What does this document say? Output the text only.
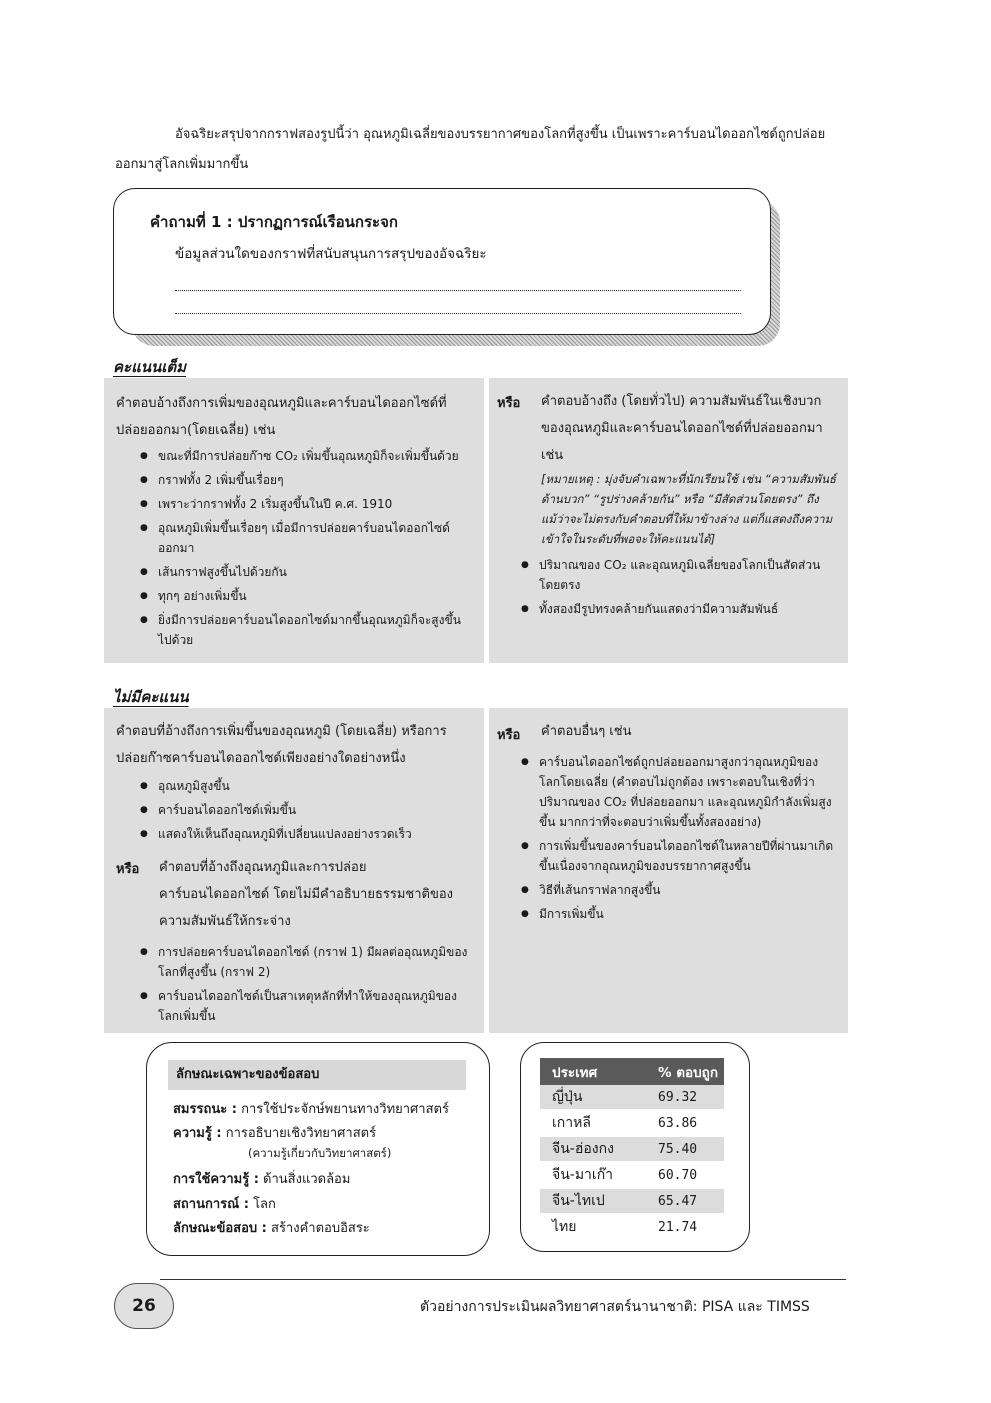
อัจฉริยะสรุปจากกราฟสองรูปนี้ว่า อุณหภูมิเฉลี่ยของบรรยากาศของโลกที่สูงขึ้น เป็นเพราะคาร์บอนไดออกไซด์ถูกปล่อยออกมาสู่โลกเพิ่มมากขึ้น
คำถามที่ 1 : ปรากฏการณ์เรือนกระจก
ข้อมูลส่วนใดของกราฟที่สนับสนุนการสรุปของอัจฉริยะ
คะแนนเต็ม
คำตอบอ้างถึงการเพิ่มของอุณหภูมิและคาร์บอนไดออกไซด์ที่
ปล่อยออกมา(โดยเฉลี่ย) เช่น
● ขณะที่มีการปล่อยก๊าซ CO₂ เพิ่มขึ้นอุณหภูมิก็จะเพิ่มขึ้นด้วย
● กราฟทั้ง 2 เพิ่มขึ้นเรื่อยๆ
● เพราะว่ากราฟทั้ง 2 เริ่มสูงขึ้นในปี ค.ศ. 1910
● อุณหภูมิเพิ่มขึ้นเรื่อยๆ เมื่อมีการปล่อยคาร์บอนไดออกไซด์ออกมา
● เส้นกราฟสูงขึ้นไปด้วยกัน
● ทุกๆ อย่างเพิ่มขึ้น
● ยิ่งมีการปล่อยคาร์บอนไดออกไซด์มากขึ้นอุณหภูมิก็จะสูงขึ้นไปด้วย
หรือ คำตอบอ้างถึง (โดยทั่วไป) ความสัมพันธ์ในเชิงบวก
ของอุณหภูมิและคาร์บอนไดออกไซด์ที่ปล่อยออกมา
เช่น
[หมายเหตุ : มุ่งจับคำเฉพาะที่นักเรียนใช้ เช่น “ความสัมพันธ์ด้านบวก” “รูปร่างคล้ายกัน” หรือ “มีสัดส่วนโดยตรง” ถึงแม้ว่าจะไม่ตรงกับคำตอบที่ให้มาข้างล่าง แต่ก็แสดงถึงความเข้าใจในระดับที่พอจะให้คะแนนได้]
● ปริมาณของ CO₂ และอุณหภูมิเฉลี่ยของโลกเป็นสัดส่วนโดยตรง
● ทั้งสองมีรูปทรงคล้ายกันแสดงว่ามีความสัมพันธ์
ไม่มีคะแนน
คำตอบที่อ้างถึงการเพิ่มขึ้นของอุณหภูมิ (โดยเฉลี่ย) หรือการ
ปล่อยก๊าซคาร์บอนไดออกไซด์เพียงอย่างใดอย่างหนึ่ง
● อุณหภูมิสูงขึ้น
● คาร์บอนไดออกไซด์เพิ่มขึ้น
● แสดงให้เห็นถึงอุณหภูมิที่เปลี่ยนแปลงอย่างรวดเร็ว
หรือ คำตอบที่อ้างถึงอุณหภูมิและการปล่อย
คาร์บอนไดออกไซด์ โดยไม่มีคำอธิบายธรรมชาติของ
ความสัมพันธ์ให้กระจ่าง
● การปล่อยคาร์บอนไดออกไซด์ (กราฟ 1) มีผลต่ออุณหภูมิของโลกที่สูงขึ้น (กราฟ 2)
● คาร์บอนไดออกไซด์เป็นสาเหตุหลักที่ทำให้ของอุณหภูมิของโลกเพิ่มขึ้น
หรือ คำตอบอื่นๆ เช่น
● คาร์บอนไดออกไซด์ถูกปล่อยออกมาสูงกว่าอุณหภูมิของโลกโดยเฉลี่ย (คำตอบไม่ถูกต้อง เพราะตอบในเชิงที่ว่าปริมาณของ CO₂ ที่ปล่อยออกมา และอุณหภูมิกำลังเพิ่มสูงขึ้น มากกว่าที่จะตอบว่าเพิ่มขึ้นทั้งสองอย่าง)
● การเพิ่มขึ้นของคาร์บอนไดออกไซด์ในหลายปีที่ผ่านมาเกิดขึ้นเนื่องจากอุณหภูมิของบรรยากาศสูงขึ้น
● วิธีที่เส้นกราฟลากสูงขึ้น
● มีการเพิ่มขึ้น
ลักษณะเฉพาะของข้อสอบ
สมรรถนะ : การใช้ประจักษ์พยานทางวิทยาศาสตร์
ความรู้ : การอธิบายเชิงวิทยาศาสตร์
(ความรู้เกี่ยวกับวิทยาศาสตร์)
การใช้ความรู้ : ด้านสิ่งแวดล้อม
สถานการณ์ : โลก
ลักษณะข้อสอบ : สร้างคำตอบอิสระ
ประเทศ	% ตอบถูก
ญี่ปุ่น	69.32
เกาหลี	63.86
จีน-ฮ่องกง	75.40
จีน-มาเก๊า	60.70
จีน-ไทเป	65.47
ไทย	21.74
26	ตัวอย่างการประเมินผลวิทยาศาสตร์นานาชาติ: PISA และ TIMSS
